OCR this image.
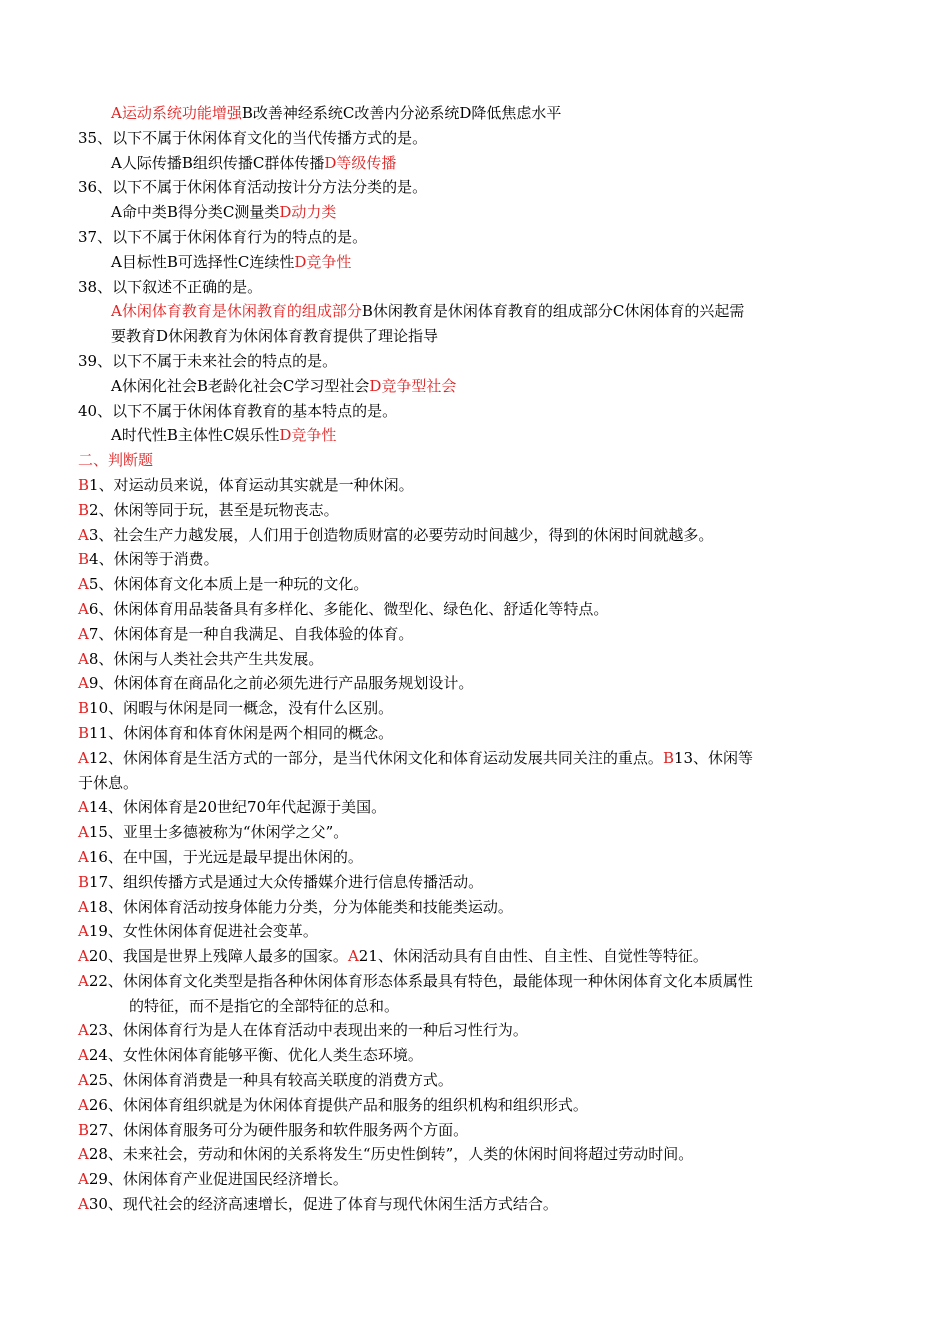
A运动系统功能增强B改善神经系统C改善内分泌系统D降低焦虑水平
35、以下不属于休闲体育文化的当代传播方式的是。
A人际传播B组织传播C群体传播D等级传播
36、以下不属于休闲体育活动按计分方法分类的是。
A命中类B得分类C测量类D动力类
37、以下不属于休闲体育行为的特点的是。
A目标性B可选择性C连续性D竞争性
38、以下叙述不正确的是。
A休闲体育教育是休闲教育的组成部分B休闲教育是休闲体育教育的组成部分C休闲体育的兴起需
要教育D休闲教育为休闲体育教育提供了理论指导
39、以下不属于未来社会的特点的是。
A休闲化社会B老龄化社会C学习型社会D竞争型社会
40、以下不属于休闲体育教育的基本特点的是。
A时代性B主体性C娱乐性D竞争性
二、判断题
B1、对运动员来说，体育运动其实就是一种休闲。
B2、休闲等同于玩，甚至是玩物丧志。
A3、社会生产力越发展，人们用于创造物质财富的必要劳动时间越少，得到的休闲时间就越多。
B4、休闲等于消费。
A5、休闲体育文化本质上是一种玩的文化。
A6、休闲体育用品装备具有多样化、多能化、微型化、绿色化、舒适化等特点。
A7、休闲体育是一种自我满足、自我体验的体育。
A8、休闲与人类社会共产生共发展。
A9、休闲体育在商品化之前必须先进行产品服务规划设计。
B10、闲暇与休闲是同一概念，没有什么区别。
B11、休闲体育和体育休闲是两个相同的概念。
A12、休闲体育是生活方式的一部分，是当代休闲文化和体育运动发展共同关注的重点。B13、休闲等
于休息。
A14、休闲体育是20世纪70年代起源于美国。
A15、亚里士多德被称为“休闲学之父”。
A16、在中国，于光远是最早提出休闲的。
B17、组织传播方式是通过大众传播媒介进行信息传播活动。
A18、休闲体育活动按身体能力分类，分为体能类和技能类运动。
A19、女性休闲体育促进社会变革。
A20、我国是世界上残障人最多的国家。A21、休闲活动具有自由性、自主性、自觉性等特征。
A22、休闲体育文化类型是指各种休闲体育形态体系最具有特色，最能体现一种休闲体育文化本质属性
的特征，而不是指它的全部特征的总和。
A23、休闲体育行为是人在体育活动中表现出来的一种后习性行为。
A24、女性休闲体育能够平衡、优化人类生态环境。
A25、休闲体育消费是一种具有较高关联度的消费方式。
A26、休闲体育组织就是为休闲体育提供产品和服务的组织机构和组织形式。
B27、休闲体育服务可分为硬件服务和软件服务两个方面。
A28、未来社会，劳动和休闲的关系将发生“历史性倒转”，人类的休闲时间将超过劳动时间。
A29、休闲体育产业促进国民经济增长。
A30、现代社会的经济高速增长，促进了体育与现代休闲生活方式结合。
